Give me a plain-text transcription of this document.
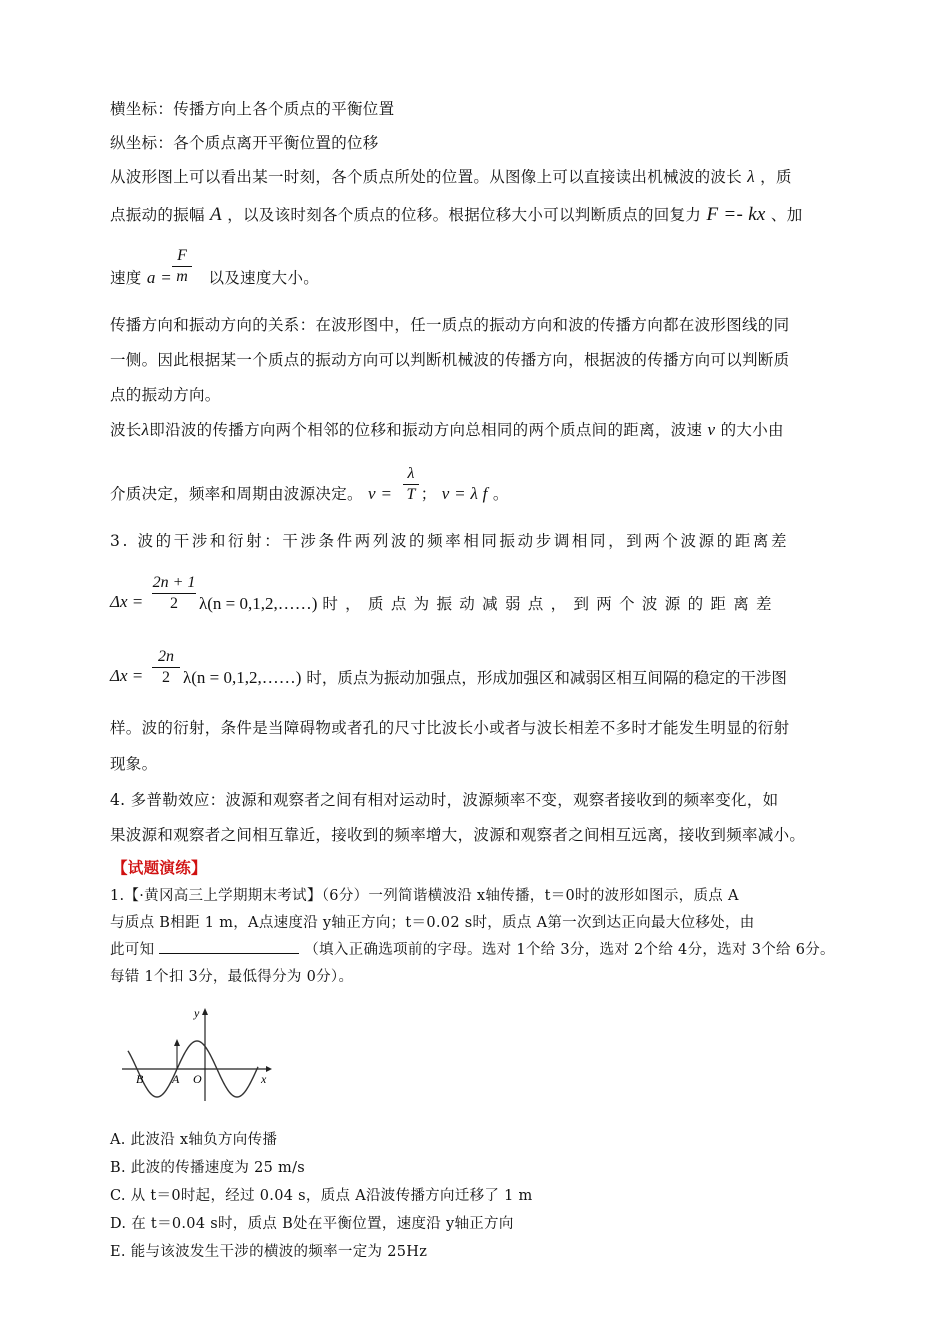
横坐标：传播方向上各个质点的平衡位置
纵坐标：各个质点离开平衡位置的位移
从波形图上可以看出某一时刻，各个质点所处的位置。从图像上可以直接读出机械波的波长 λ ，质
点振动的振幅 A ，以及该时刻各个质点的位移。根据位移大小可以判断质点的回复力 F =- kx 、加
速度 a = 以及速度大小。
F
m
传播方向和振动方向的关系：在波形图中，任一质点的振动方向和波的传播方向都在波形图线的同
一侧。因此根据某一个质点的振动方向可以判断机械波的传播方向，根据波的传播方向可以判断质
点的振动方向。
波长λ即沿波的传播方向两个相邻的位移和振动方向总相同的两个质点间的距离，波速 v 的大小由
介质决定，频率和周期由波源决定。 v = ； v = λ f 。
λ
T
3. 波的干涉和衍射：干涉条件两列波的频率相同振动步调相同，到两个波源的距离差
Δx =
2n + 1
2	λ(n = 0,1,2,……) 时 ， 质 点 为 振 动 减 弱 点 ， 到 两 个 波 源 的 距 离 差
Δx =
2n
2 λ(n = 0,1,2,……) 时，质点为振动加强点，形成加强区和减弱区相互间隔的稳定的干涉图
样。波的衍射，条件是当障碍物或者孔的尺寸比波长小或者与波长相差不多时才能发生明显的衍射
现象。
4. 多普勒效应：波源和观察者之间有相对运动时，波源频率不变，观察者接收到的频率变化，如
果波源和观察者之间相互靠近，接收到的频率增大，波源和观察者之间相互远离，接收到频率减小。
【试题演练】
1.【·黄冈高三上学期期末考试】（6分）一列简谐横波沿 x轴传播，t＝0时的波形如图示，质点 A
与质点 B相距 1 m，A点速度沿 y轴正方向；t＝0.02 s时，质点 A第一次到达正向最大位移处，由
此可知	（填入正确选项前的字母。选对 1个给 3分，选对 2个给 4分，选对 3个给 6分。
每错 1个扣 3分，最低得分为 0分）。
y
x
B A O
A. 此波沿 x轴负方向传播
B. 此波的传播速度为 25 m/s
C. 从 t＝0时起，经过 0.04 s，质点 A沿波传播方向迁移了 1 m
D. 在 t＝0.04 s时，质点 B处在平衡位置，速度沿 y轴正方向
E. 能与该波发生干涉的横波的频率一定为 25Hz
